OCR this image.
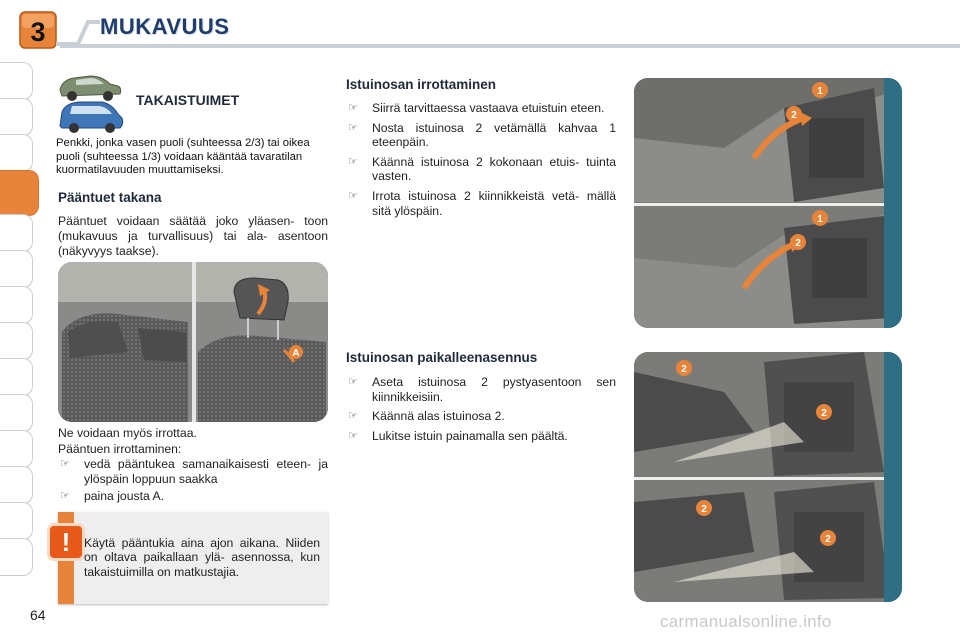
3 MUKAVUUS
TAKAISTUIMET
Penkki, jonka vasen puoli (suhteessa 2/3) tai oikea puoli (suhteessa 1/3) voidaan kääntää tavaratilan kuormatilavuuden muuttamiseksi.
Pääntuet takana
Pääntuet voidaan säätää joko yläasen- toon (mukavuus ja turvallisuus) tai ala- asentoon (näkyvyys taakse).
A
Ne voidaan myös irrottaa.
Pääntuen irrottaminen:
☞ vedä pääntukea samanaikaisesti eteen- ja ylöspäin loppuun saakka
☞ paina jousta A.
!	Käytä pääntukia aina ajon aikana. Niiden on oltava paikallaan ylä- asennossa, kun takaistuimilla on matkustajia.
Istuinosan irrottaminen
☞ Siirrä tarvittaessa vastaava etuistuin eteen.
☞ Nosta istuinosa 2 vetämällä kahvaa 1 eteenpäin.
☞ Käännä istuinosa 2 kokonaan etuis- tuinta vasten.
☞ Irrota istuinosa 2 kiinnikkeistä vetä- mällä sitä ylöspäin.
Istuinosan paikalleenasennus
☞ Aseta istuinosa 2 pystyasentoon sen kiinnikkeisiin.
☞ Käännä alas istuinosa 2.
☞ Lukitse istuin painamalla sen päältä.
1
2
1
2
2
2
2
2
64	carmanualsonline.info
